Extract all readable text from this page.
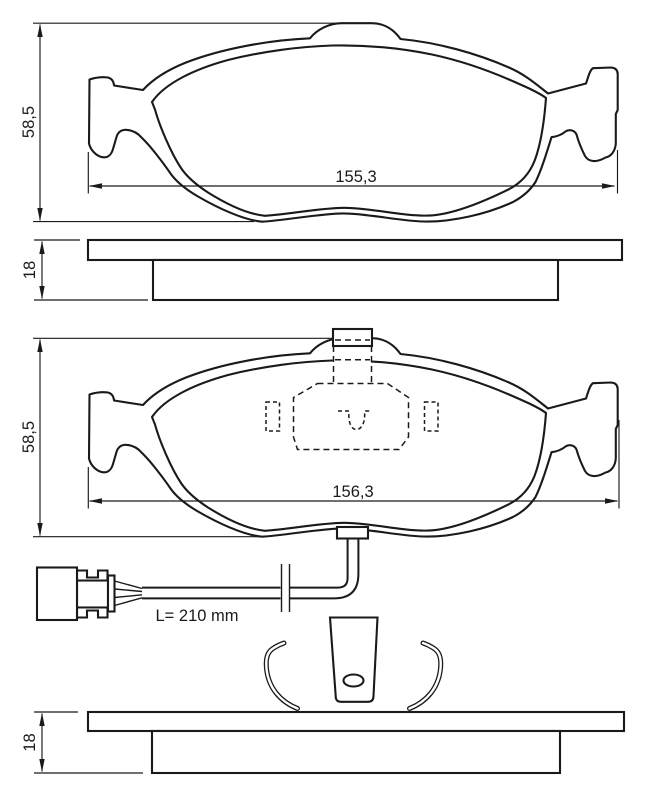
58,5
155,3
18
58,5
156,3
L= 210 mm
18
